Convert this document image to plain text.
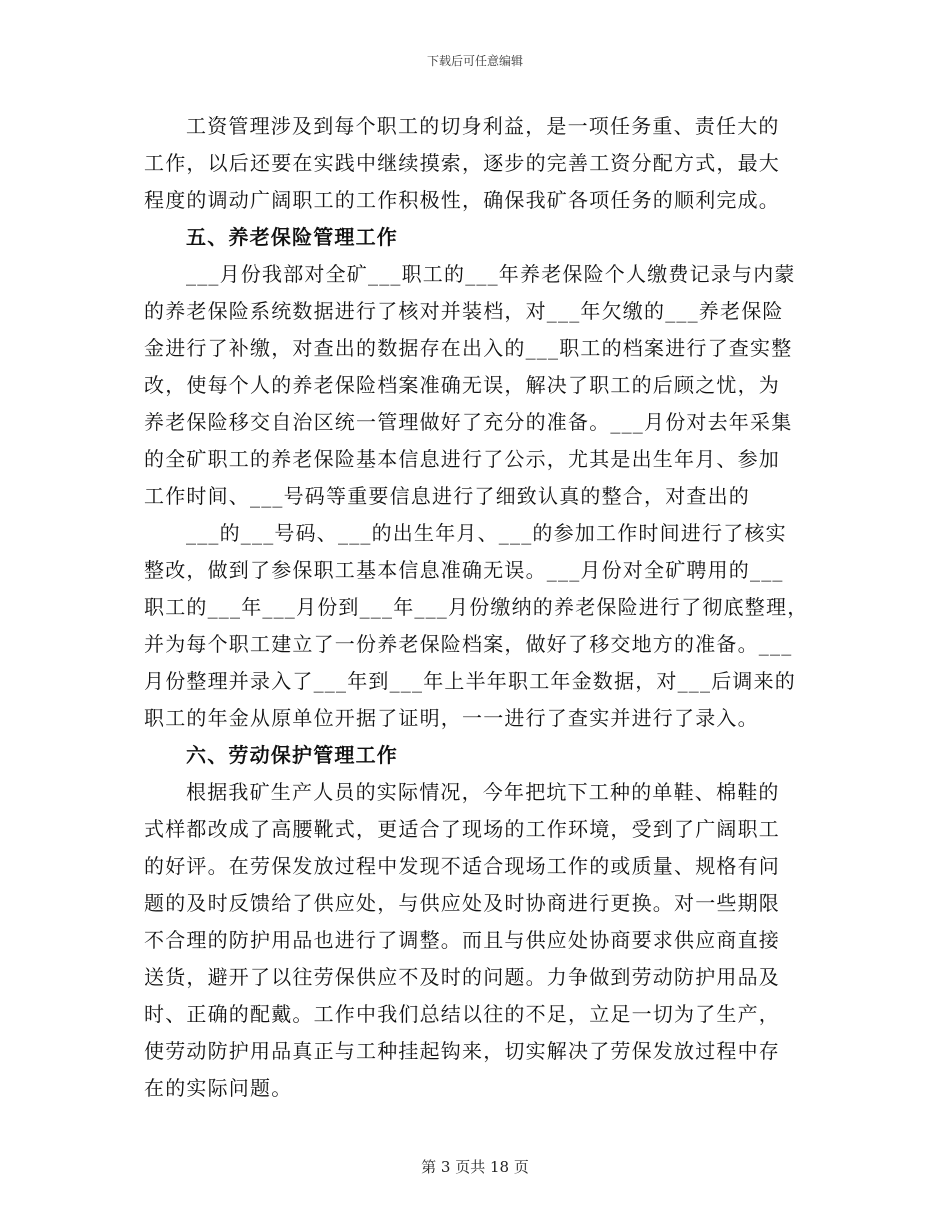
下载后可任意编辑
工资管理涉及到每个职工的切身利益，是一项任务重、责任大的
工作，以后还要在实践中继续摸索，逐步的完善工资分配方式，最大
程度的调动广阔职工的工作积极性，确保我矿各项任务的顺利完成。
五、养老保险管理工作
___月份我部对全矿___职工的___年养老保险个人缴费记录与内蒙
的养老保险系统数据进行了核对并装档，对___年欠缴的___养老保险
金进行了补缴，对查出的数据存在出入的___职工的档案进行了查实整
改，使每个人的养老保险档案准确无误，解决了职工的后顾之忧，为
养老保险移交自治区统一管理做好了充分的准备。___月份对去年采集
的全矿职工的养老保险基本信息进行了公示，尤其是出生年月、参加
工作时间、___号码等重要信息进行了细致认真的整合，对查出的
___的___号码、___的出生年月、___的参加工作时间进行了核实
整改，做到了参保职工基本信息准确无误。___月份对全矿聘用的___
职工的___年___月份到___年___月份缴纳的养老保险进行了彻底整理，
并为每个职工建立了一份养老保险档案，做好了移交地方的准备。___
月份整理并录入了___年到___年上半年职工年金数据，对___后调来的
职工的年金从原单位开据了证明，一一进行了查实并进行了录入。
六、劳动保护管理工作
根据我矿生产人员的实际情况，今年把坑下工种的单鞋、棉鞋的
式样都改成了高腰靴式，更适合了现场的工作环境，受到了广阔职工
的好评。在劳保发放过程中发现不适合现场工作的或质量、规格有问
题的及时反馈给了供应处，与供应处及时协商进行更换。对一些期限
不合理的防护用品也进行了调整。而且与供应处协商要求供应商直接
送货，避开了以往劳保供应不及时的问题。力争做到劳动防护用品及
时、正确的配戴。工作中我们总结以往的不足，立足一切为了生产，
使劳动防护用品真正与工种挂起钩来，切实解决了劳保发放过程中存
在的实际问题。
第 3 页共 18 页
